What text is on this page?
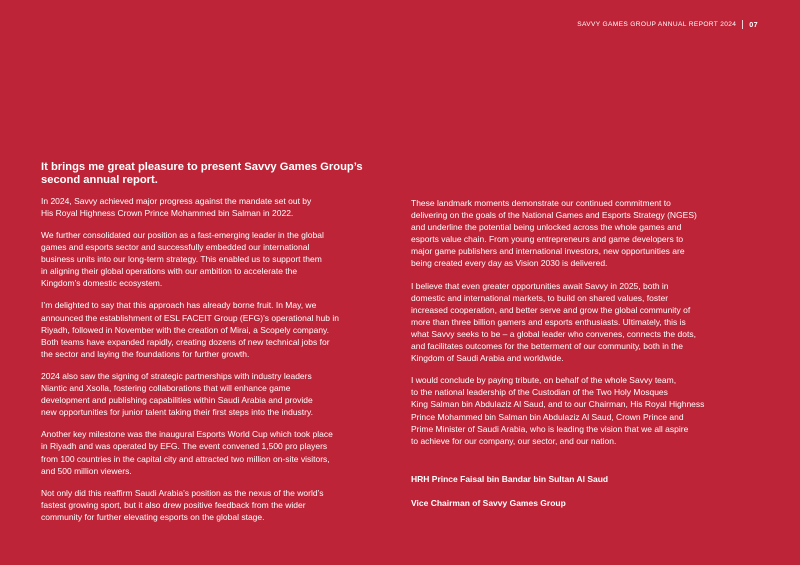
SAVVY GAMES GROUP ANNUAL REPORT 2024 07
It brings me great pleasure to present Savvy Games Group’s
second annual report.

In 2024, Savvy achieved major progress against the mandate set out by
His Royal Highness Crown Prince Mohammed bin Salman in 2022.

We further consolidated our position as a fast-emerging leader in the global
games and esports sector and successfully embedded our international
business units into our long-term strategy. This enabled us to support them
in aligning their global operations with our ambition to accelerate the
Kingdom’s domestic ecosystem.

I’m delighted to say that this approach has already borne fruit. In May, we
announced the establishment of ESL FACEIT Group (EFG)’s operational hub in
Riyadh, followed in November with the creation of Mirai, a Scopely company.
Both teams have expanded rapidly, creating dozens of new technical jobs for
the sector and laying the foundations for further growth.

2024 also saw the signing of strategic partnerships with industry leaders
Niantic and Xsolla, fostering collaborations that will enhance game
development and publishing capabilities within Saudi Arabia and provide
new opportunities for junior talent taking their first steps into the industry.

Another key milestone was the inaugural Esports World Cup which took place
in Riyadh and was operated by EFG. The event convened 1,500 pro players
from 100 countries in the capital city and attracted two million on-site visitors,
and 500 million viewers.

Not only did this reaffirm Saudi Arabia’s position as the nexus of the world’s
fastest growing sport, but it also drew positive feedback from the wider
community for further elevating esports on the global stage.

These landmark moments demonstrate our continued commitment to
delivering on the goals of the National Games and Esports Strategy (NGES)
and underline the potential being unlocked across the whole games and
esports value chain. From young entrepreneurs and game developers to
major game publishers and international investors, new opportunities are
being created every day as Vision 2030 is delivered.

I believe that even greater opportunities await Savvy in 2025, both in
domestic and international markets, to build on shared values, foster
increased cooperation, and better serve and grow the global community of
more than three billion gamers and esports enthusiasts. Ultimately, this is
what Savvy seeks to be – a global leader who convenes, connects the dots,
and facilitates outcomes for the betterment of our community, both in the
Kingdom of Saudi Arabia and worldwide.

I would conclude by paying tribute, on behalf of the whole Savvy team,
to the national leadership of the Custodian of the Two Holy Mosques
King Salman bin Abdulaziz Al Saud, and to our Chairman, His Royal Highness
Prince Mohammed bin Salman bin Abdulaziz Al Saud, Crown Prince and
Prime Minister of Saudi Arabia, who is leading the vision that we all aspire
to achieve for our company, our sector, and our nation.

HRH Prince Faisal bin Bandar bin Sultan Al Saud

Vice Chairman of Savvy Games Group
